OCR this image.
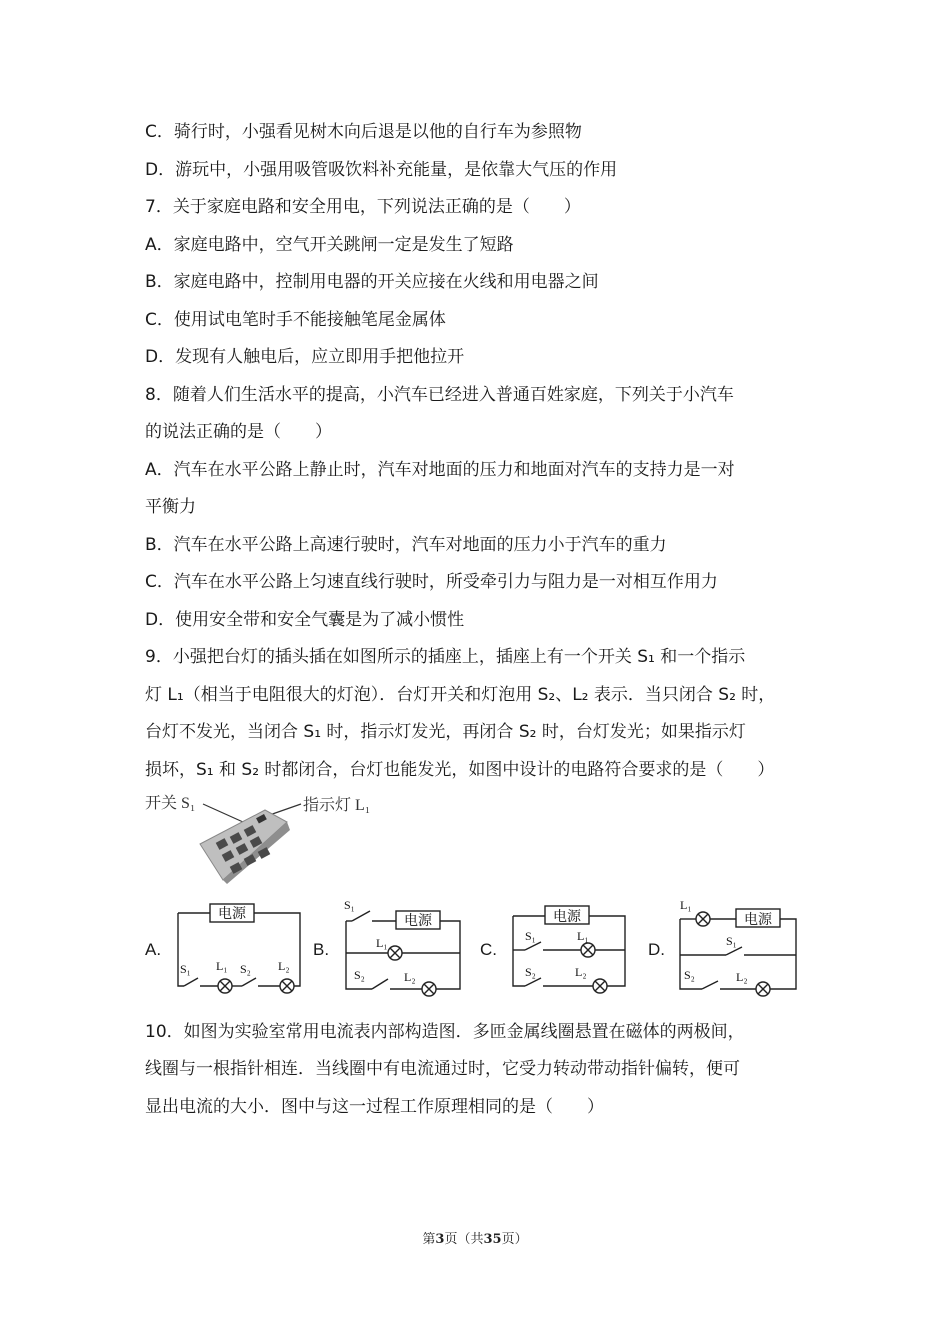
C．骑行时，小强看见树木向后退是以他的自行车为参照物
D．游玩中，小强用吸管吸饮料补充能量，是依靠大气压的作用
7．关于家庭电路和安全用电，下列说法正确的是（　　）
A．家庭电路中，空气开关跳闸一定是发生了短路
B．家庭电路中，控制用电器的开关应接在火线和用电器之间
C．使用试电笔时手不能接触笔尾金属体
D．发现有人触电后，应立即用手把他拉开
8．随着人们生活水平的提高，小汽车已经进入普通百姓家庭，下列关于小汽车
的说法正确的是（　　）
A．汽车在水平公路上静止时，汽车对地面的压力和地面对汽车的支持力是一对
平衡力
B．汽车在水平公路上高速行驶时，汽车对地面的压力小于汽车的重力
C．汽车在水平公路上匀速直线行驶时，所受牵引力与阻力是一对相互作用力
D．使用安全带和安全气囊是为了减小惯性
9．小强把台灯的插头插在如图所示的插座上，插座上有一个开关 S₁ 和一个指示
灯 L₁（相当于电阻很大的灯泡）．台灯开关和灯泡用 S₂、L₂ 表示．当只闭合 S₂ 时，
台灯不发光，当闭合 S₁ 时，指示灯发光，再闭合 S₂ 时，台灯发光；如果指示灯
损坏，S₁ 和 S₂ 时都闭合，台灯也能发光，如图中设计的电路符合要求的是（　　）
开关 S₁	指示灯 L₁
A.	B.	C.	D.
电源
S₁ L₁ S₂ L₂
电源
S₁
L₁
S₂	L₂
电源
S₁	L₁
S₂	L₂
电源
L₁
S₁
S₂	L₂
10．如图为实验室常用电流表内部构造图．多匝金属线圈悬置在磁体的两极间，
线圈与一根指针相连．当线圈中有电流通过时，它受力转动带动指针偏转，便可
显出电流的大小．图中与这一过程工作原理相同的是（　　）
第3页（共35页）
